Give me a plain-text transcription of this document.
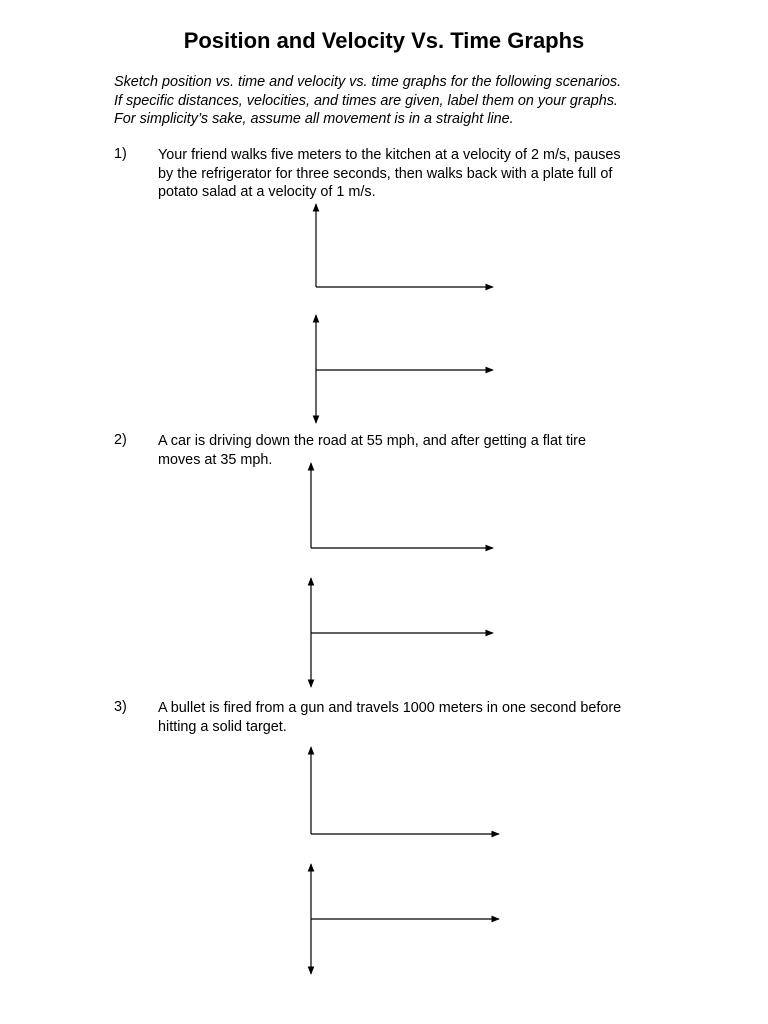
Position and Velocity Vs. Time Graphs
Sketch position vs. time and velocity vs. time graphs for the following scenarios.
If specific distances, velocities, and times are given, label them on your graphs.
For simplicity’s sake, assume all movement is in a straight line.
1) Your friend walks five meters to the kitchen at a velocity of 2 m/s, pauses
by the refrigerator for three seconds, then walks back with a plate full of
potato salad at a velocity of 1 m/s.
2) A car is driving down the road at 55 mph, and after getting a flat tire
moves at 35 mph.
3) A bullet is fired from a gun and travels 1000 meters in one second before
hitting a solid target.
